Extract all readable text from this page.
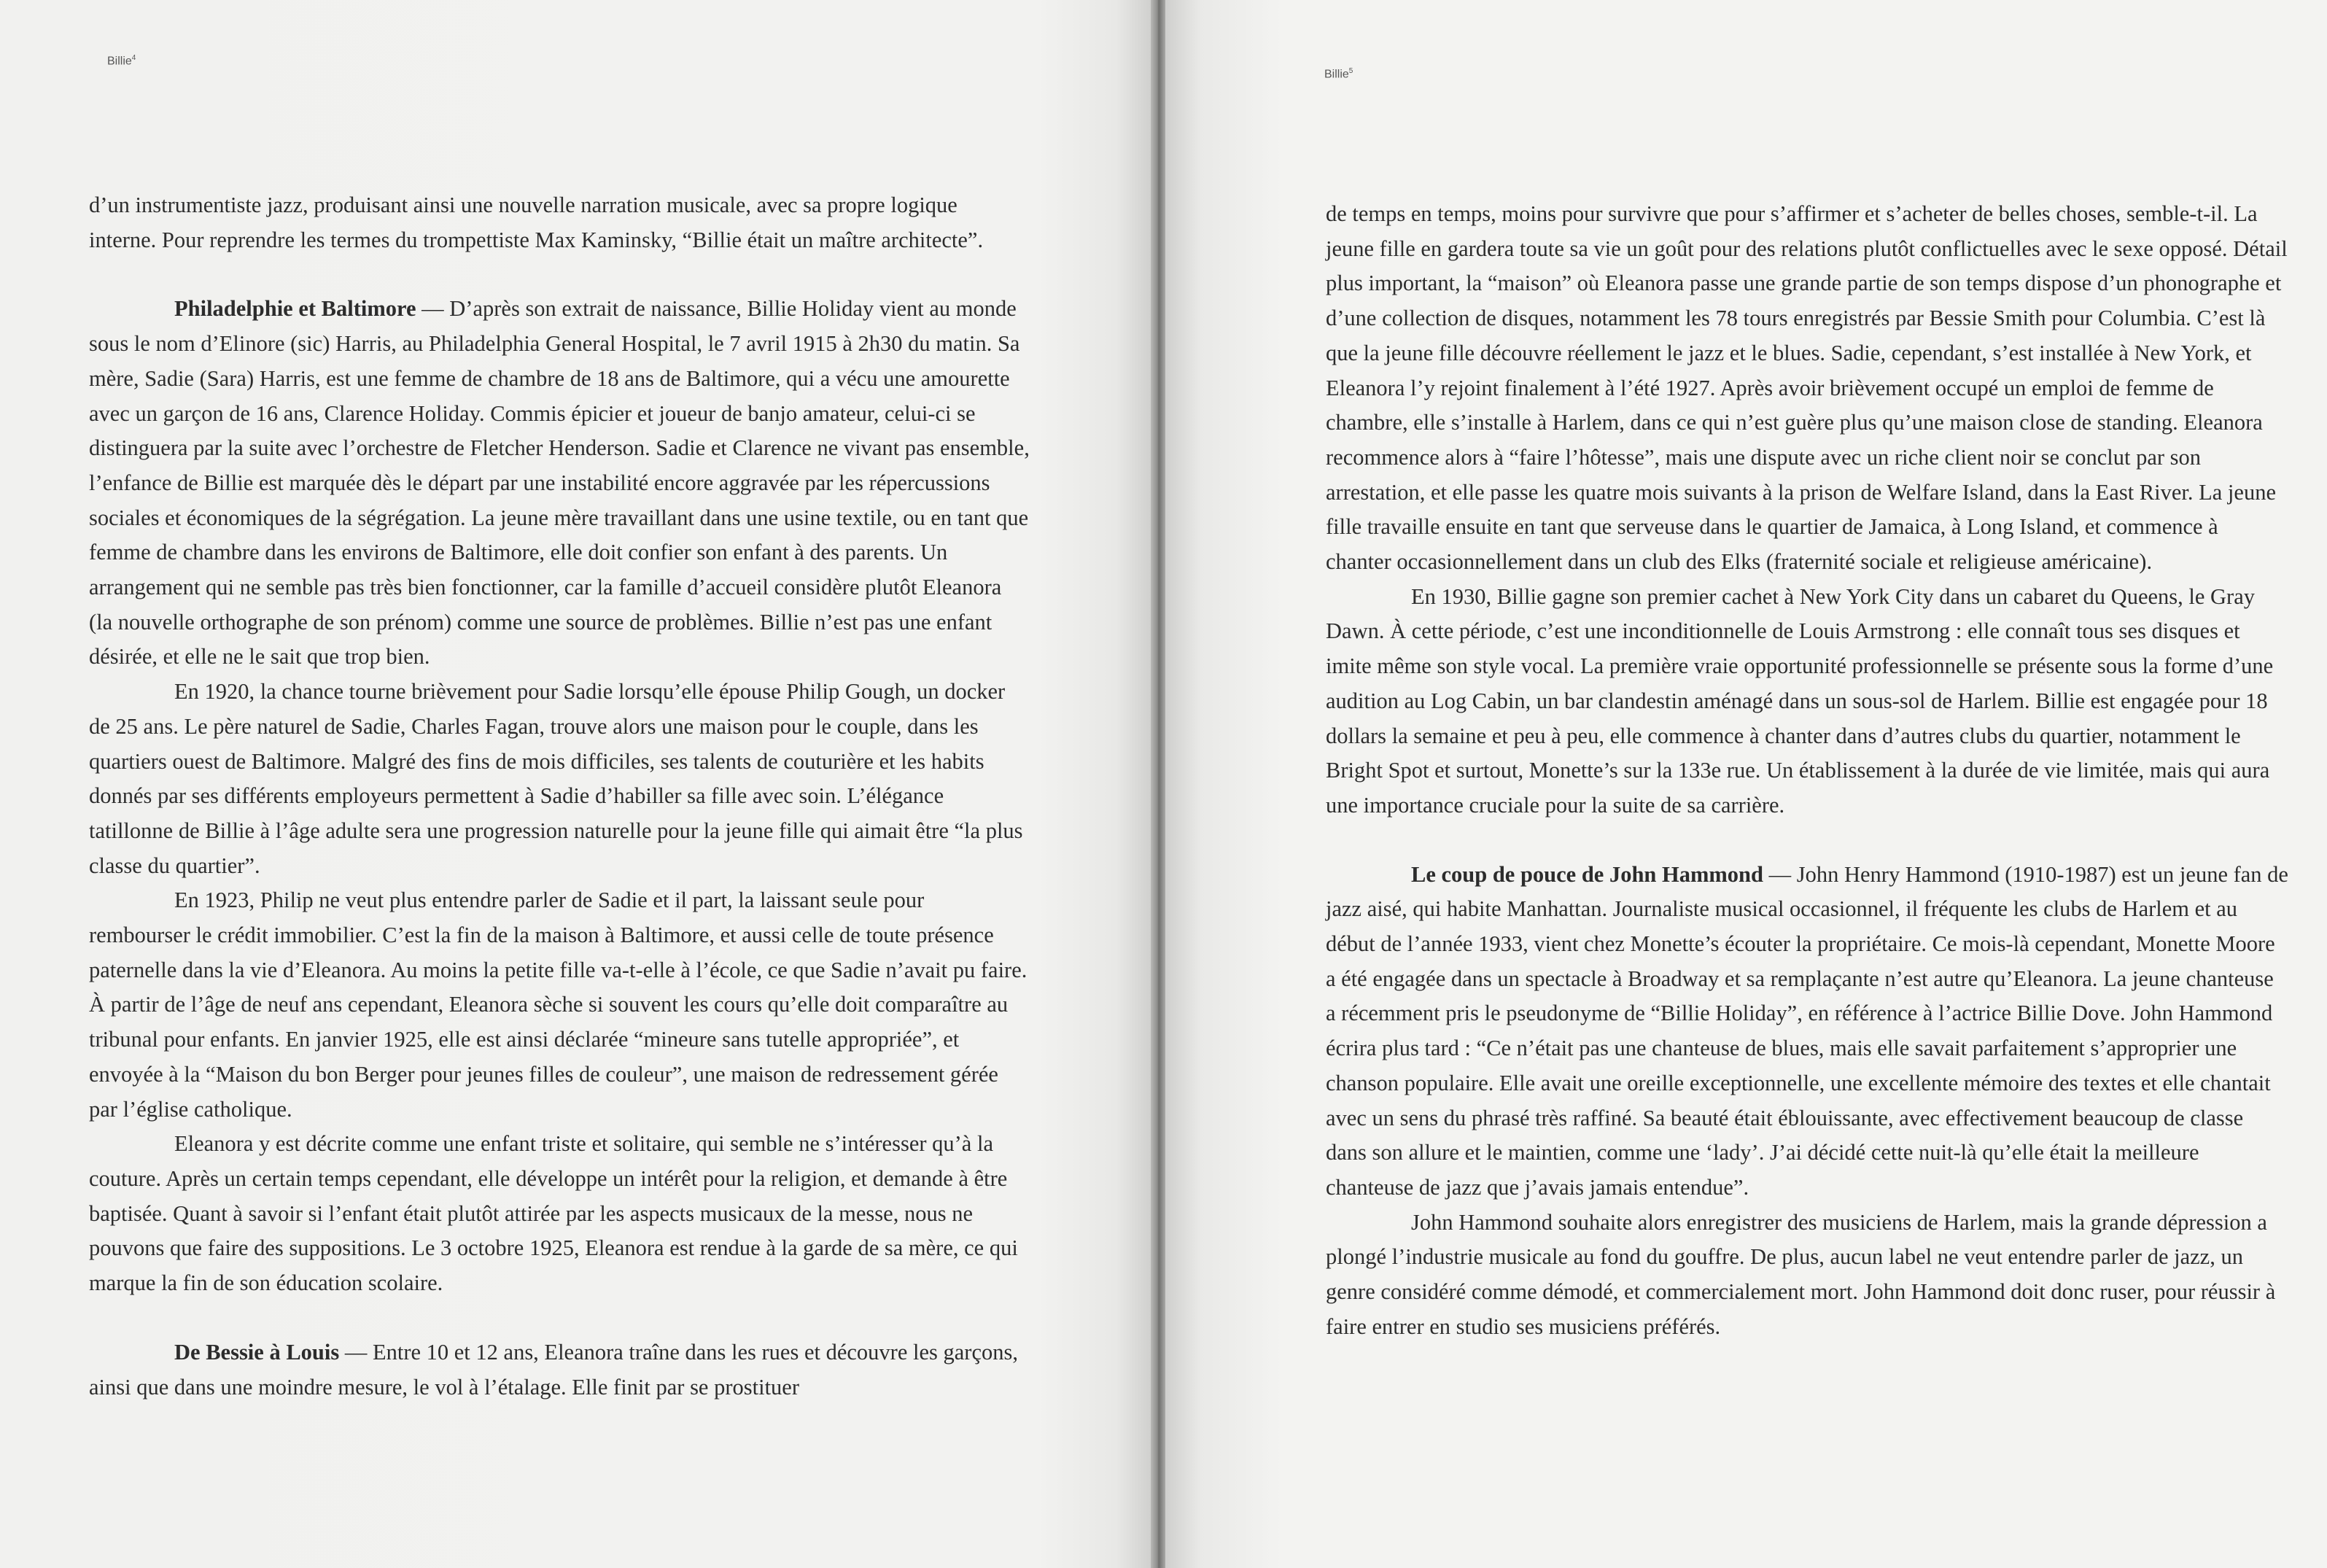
Billie$^4$

d’un instrumentiste jazz, produisant ainsi une nouvelle narration musicale, avec sa propre logique interne. Pour reprendre les termes du trompettiste Max Kaminsky, “Billie était un maître architecte”.

Philadelphie et Baltimore — D’après son extrait de naissance, Billie Holiday vient au monde sous le nom d’Elinore (sic) Harris, au Philadelphia General Hospital, le 7 avril 1915 à 2h30 du matin. Sa mère, Sadie (Sara) Harris, est une femme de chambre de 18 ans de Baltimore, qui a vécu une amourette avec un garçon de 16 ans, Clarence Holiday. Commis épicier et joueur de banjo amateur, celui-ci se distinguera par la suite avec l’orchestre de Fletcher Henderson. Sadie et Clarence ne vivant pas ensemble, l’enfance de Billie est marquée dès le départ par une instabilité encore aggravée par les répercussions sociales et économiques de la ségrégation. La jeune mère travaillant dans une usine textile, ou en tant que femme de chambre dans les environs de Baltimore, elle doit confier son enfant à des parents. Un arrangement qui ne semble pas très bien fonctionner, car la famille d’accueil considère plutôt Eleanora (la nouvelle orthographe de son prénom) comme une source de problèmes. Billie n’est pas une enfant désirée, et elle ne le sait que trop bien.

En 1920, la chance tourne brièvement pour Sadie lorsqu’elle épouse Philip Gough, un docker de 25 ans. Le père naturel de Sadie, Charles Fagan, trouve alors une maison pour le couple, dans les quartiers ouest de Baltimore. Malgré des fins de mois difficiles, ses talents de couturière et les habits donnés par ses différents employeurs permettent à Sadie d’habiller sa fille avec soin. L’élégance tatillonne de Billie à l’âge adulte sera une progression naturelle pour la jeune fille qui aimait être “la plus classe du quartier”.

En 1923, Philip ne veut plus entendre parler de Sadie et il part, la laissant seule pour rembourser le crédit immobilier. C’est la fin de la maison à Baltimore, et aussi celle de toute présence paternelle dans la vie d’Eleanora. Au moins la petite fille va-t-elle à l’école, ce que Sadie n’avait pu faire. À partir de l’âge de neuf ans cependant, Eleanora sèche si souvent les cours qu’elle doit comparaître au tribunal pour enfants. En janvier 1925, elle est ainsi déclarée “mineure sans tutelle appropriée”, et envoyée à la “Maison du bon Berger pour jeunes filles de couleur”, une maison de redressement gérée par l’église catholique.

Eleanora y est décrite comme une enfant triste et solitaire, qui semble ne s’intéresser qu’à la couture. Après un certain temps cependant, elle développe un intérêt pour la religion, et demande à être baptisée. Quant à savoir si l’enfant était plutôt attirée par les aspects musicaux de la messe, nous ne pouvons que faire des suppositions. Le 3 octobre 1925, Eleanora est rendue à la garde de sa mère, ce qui marque la fin de son éducation scolaire.

De Bessie à Louis — Entre 10 et 12 ans, Eleanora traîne dans les rues et découvre les garçons, ainsi que dans une moindre mesure, le vol à l’étalage. Elle finit par se prostituer

Billie$^5$

de temps en temps, moins pour survivre que pour s’affirmer et s’acheter de belles choses, semble-t-il. La jeune fille en gardera toute sa vie un goût pour des relations plutôt conflictuelles avec le sexe opposé. Détail plus important, la “maison” où Eleanora passe une grande partie de son temps dispose d’un phonographe et d’une collection de disques, notamment les 78 tours enregistrés par Bessie Smith pour Columbia. C’est là que la jeune fille découvre réellement le jazz et le blues. Sadie, cependant, s’est installée à New York, et Eleanora l’y rejoint finalement à l’été 1927. Après avoir brièvement occupé un emploi de femme de chambre, elle s’installe à Harlem, dans ce qui n’est guère plus qu’une maison close de standing. Eleanora recommence alors à “faire l’hôtesse”, mais une dispute avec un riche client noir se conclut par son arrestation, et elle passe les quatre mois suivants à la prison de Welfare Island, dans la East River. La jeune fille travaille ensuite en tant que serveuse dans le quartier de Jamaica, à Long Island, et commence à chanter occasionnellement dans un club des Elks (fraternité sociale et religieuse américaine).

En 1930, Billie gagne son premier cachet à New York City dans un cabaret du Queens, le Gray Dawn. À cette période, c’est une inconditionnelle de Louis Armstrong : elle connaît tous ses disques et imite même son style vocal. La première vraie opportunité professionnelle se présente sous la forme d’une audition au Log Cabin, un bar clandestin aménagé dans un sous-sol de Harlem. Billie est engagée pour 18 dollars la semaine et peu à peu, elle commence à chanter dans d’autres clubs du quartier, notamment le Bright Spot et surtout, Monette’s sur la 133e rue. Un établissement à la durée de vie limitée, mais qui aura une importance cruciale pour la suite de sa carrière.

Le coup de pouce de John Hammond — John Henry Hammond (1910-1987) est un jeune fan de jazz aisé, qui habite Manhattan. Journaliste musical occasionnel, il fréquente les clubs de Harlem et au début de l’année 1933, vient chez Monette’s écouter la propriétaire. Ce mois-là cependant, Monette Moore a été engagée dans un spectacle à Broadway et sa remplaçante n’est autre qu’Eleanora. La jeune chanteuse a récemment pris le pseudonyme de “Billie Holiday”, en référence à l’actrice Billie Dove. John Hammond écrira plus tard : “Ce n’était pas une chanteuse de blues, mais elle savait parfaitement s’approprier une chanson populaire. Elle avait une oreille exceptionnelle, une excellente mémoire des textes et elle chantait avec un sens du phrasé très raffiné. Sa beauté était éblouissante, avec effectivement beaucoup de classe dans son allure et le maintien, comme une ‘lady’. J’ai décidé cette nuit-là qu’elle était la meilleure chanteuse de jazz que j’avais jamais entendue”.

John Hammond souhaite alors enregistrer des musiciens de Harlem, mais la grande dépression a plongé l’industrie musicale au fond du gouffre. De plus, aucun label ne veut entendre parler de jazz, un genre considéré comme démodé, et commercialement mort. John Hammond doit donc ruser, pour réussir à faire entrer en studio ses musiciens préférés.
